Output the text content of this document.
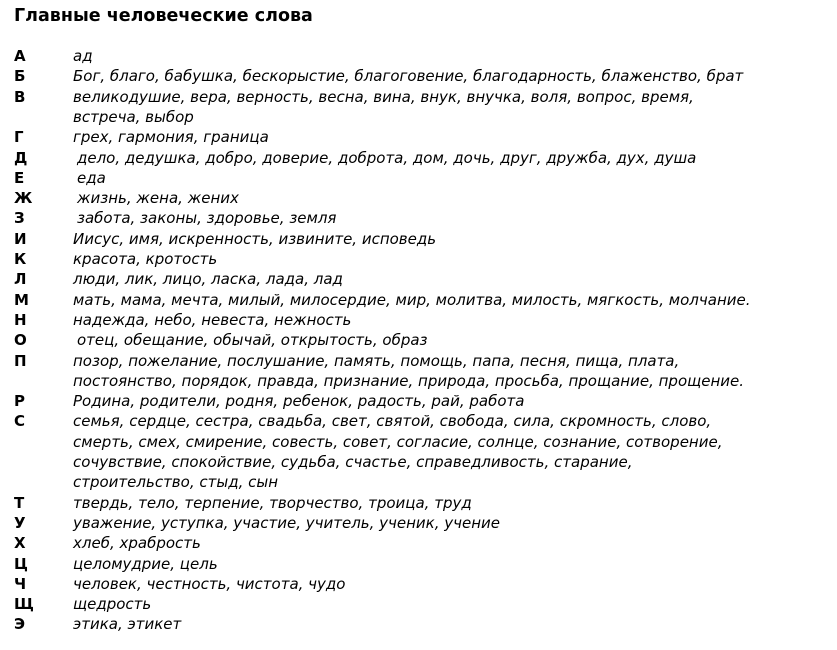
Главные человеческие слова
А
Б
В
Г
Д
Е
Ж
З
И
К
Л
М
Н
О
П
Р
С
Т
У
Х
Ц
Ч
Щ
Э
ад
Бог, благо, бабушка, бескорыстие, благоговение, благодарность, блаженство, брат
великодушие, вера, верность, весна, вина, внук, внучка, воля, вопрос, время,
встреча, выбор
грех, гармония, граница
дело, дедушка, добро, доверие, доброта, дом, дочь, друг, дружба, дух, душа
еда
жизнь, жена, жених
забота, законы, здоровье, земля
Иисус, имя, искренность, извините, исповедь
красота, кротость
люди, лик, лицо, ласка, лада, лад
мать, мама, мечта, милый, милосердие, мир, молитва, милость, мягкость, молчание.
надежда, небо, невеста, нежность
отец, обещание, обычай, открытость, образ
позор, пожелание, послушание, память, помощь, папа, песня, пища, плата,
постоянство, порядок, правда, признание, природа, просьба, прощание, прощение.
Родина, родители, родня, ребенок, радость, рай, работа
семья, сердце, сестра, свадьба, свет, святой, свобода, сила, скромность, слово,
смерть, смех, смирение, совесть, совет, согласие, солнце, сознание, сотворение,
сочувствие, спокойствие, судьба, счастье, справедливость, старание,
строительство, стыд, сын
твердь, тело, терпение, творчество, троица, труд
уважение, уступка, участие, учитель, ученик, учение
хлеб, храбрость
целомудрие, цель
человек, честность, чистота, чудо
щедрость
этика, этикет
